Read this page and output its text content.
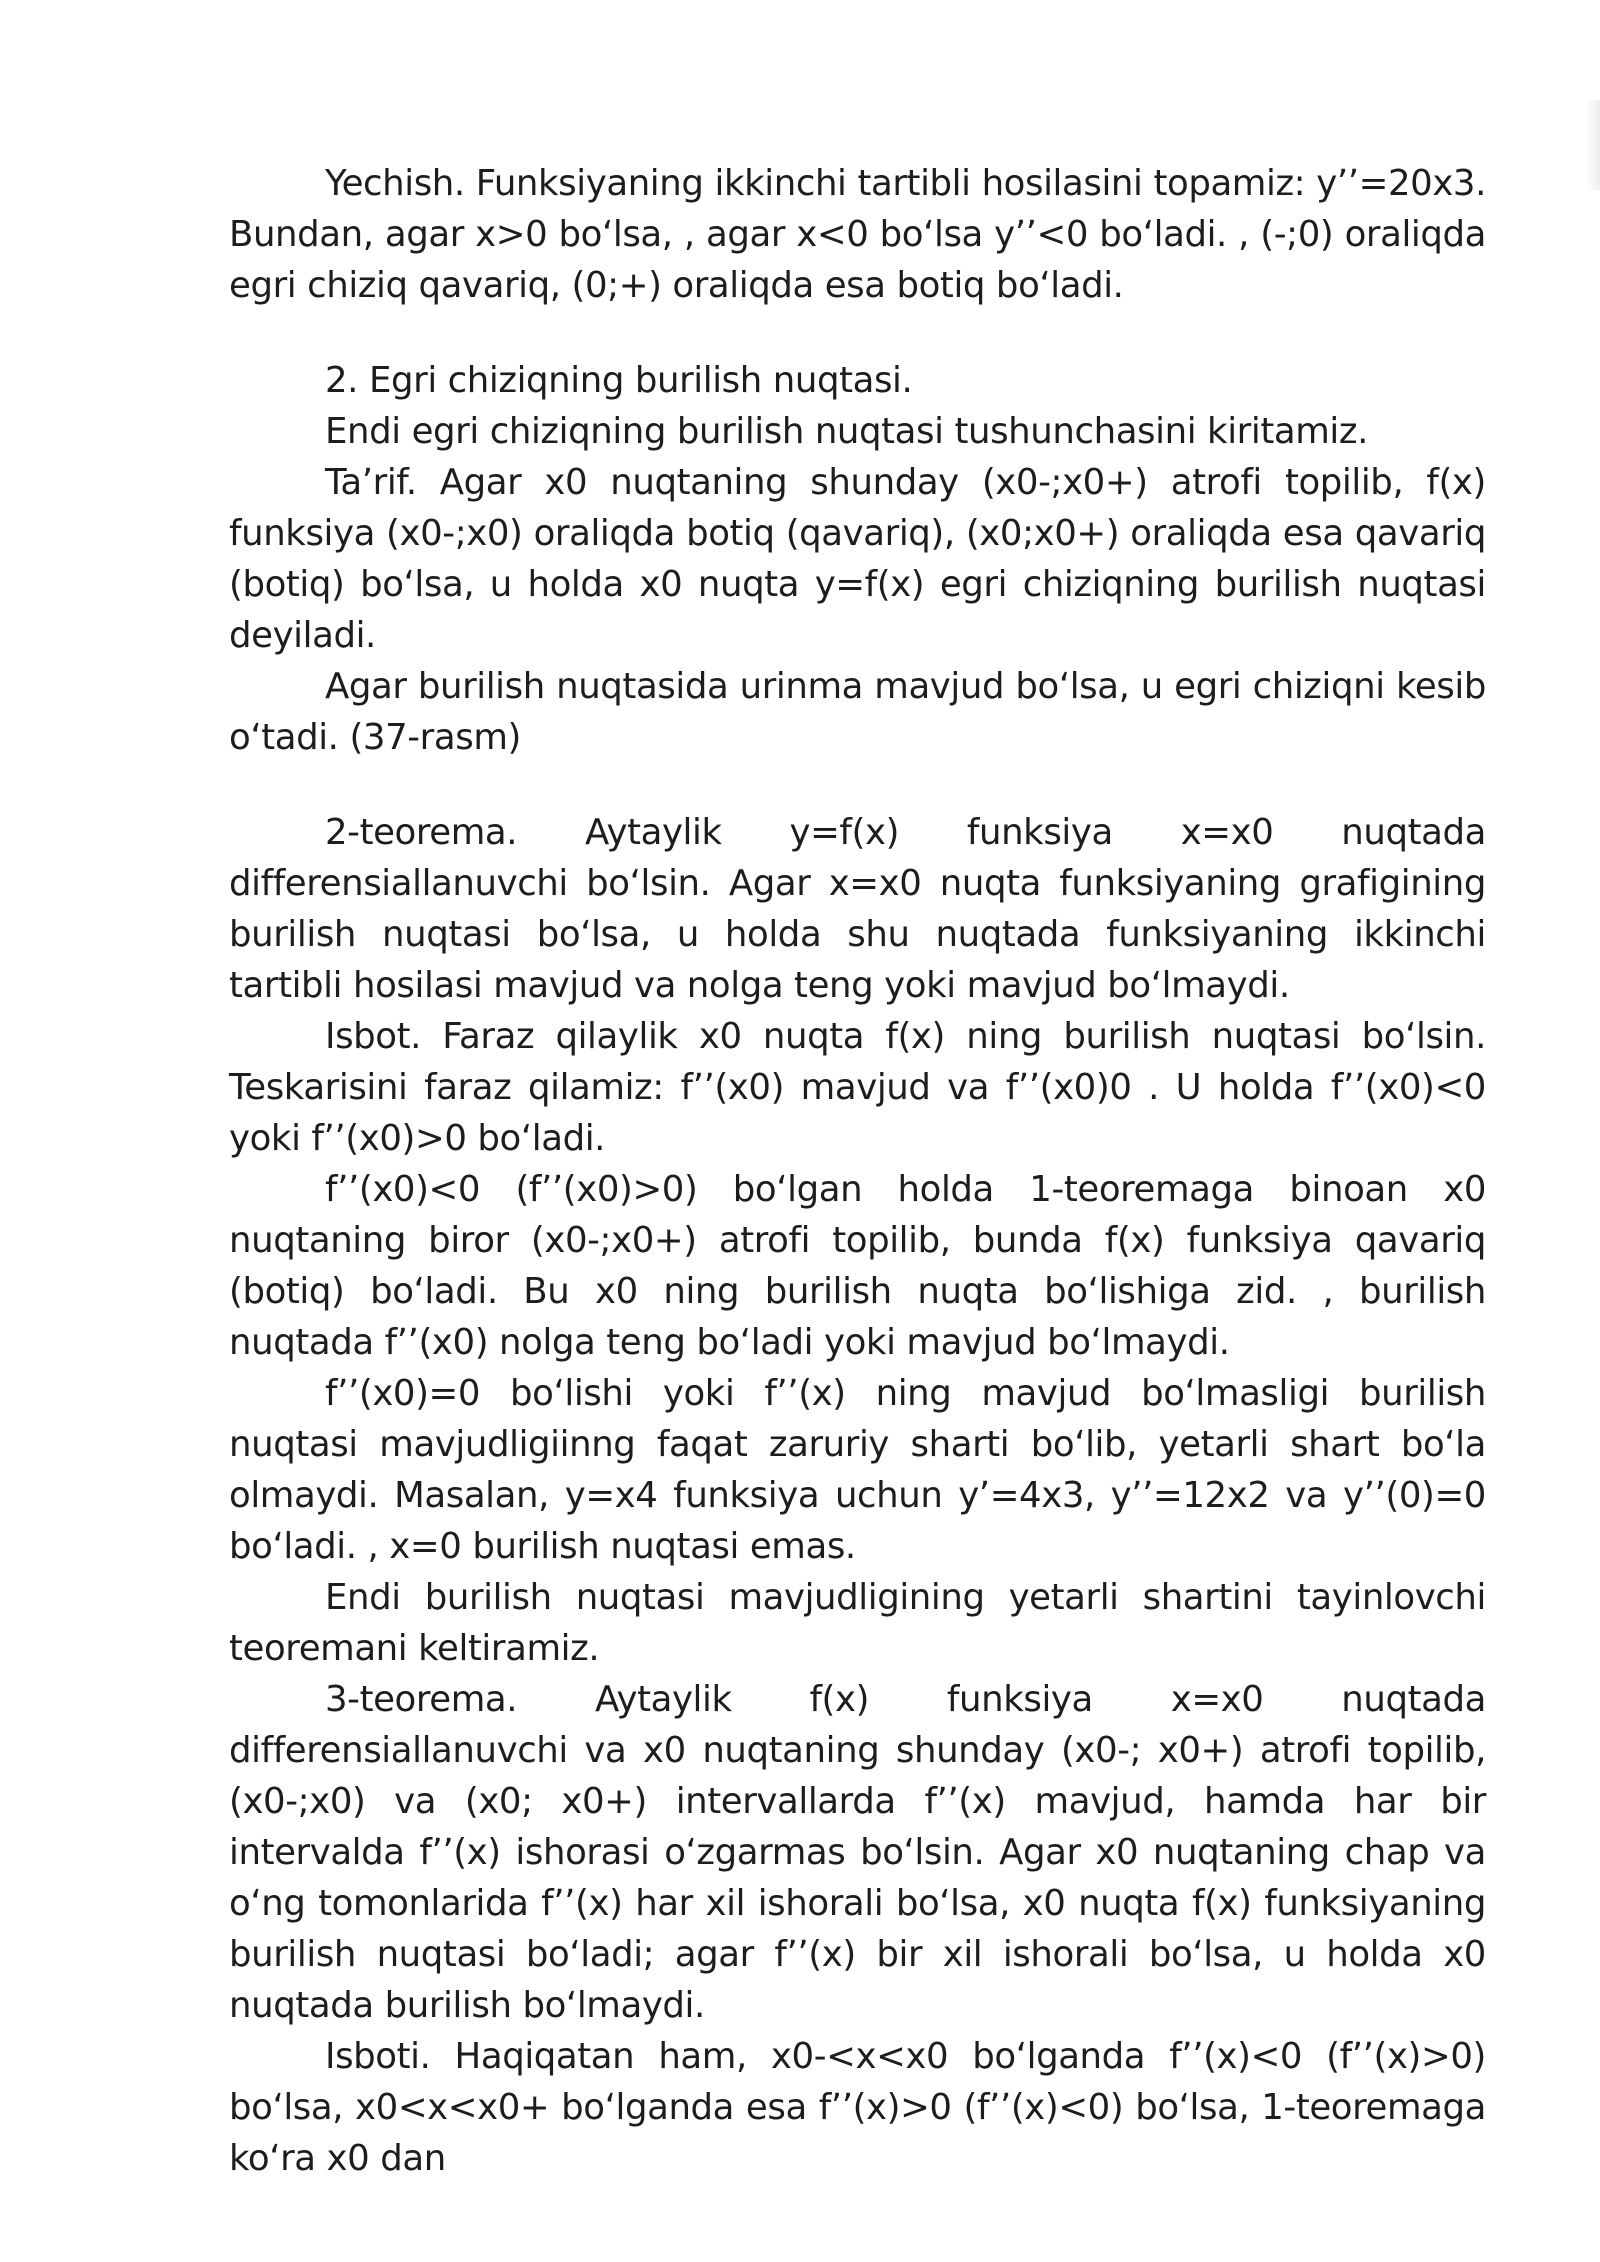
Yechish. Funksiyaning ikkinchi tartibli hosilasini topamiz: y’’=20x3. Bundan, agar x>0 bo‘lsa, , agar x<0 bo‘lsa y’’<0 bo‘ladi. , (-;0) oraliqda egri chiziq qavariq, (0;+) oraliqda esa botiq bo‘ladi.

2. Egri chiziqning burilish nuqtasi.

Endi egri chiziqning burilish nuqtasi tushunchasini kiritamiz.

Ta’rif. Agar x0 nuqtaning shunday (x0-;x0+) atrofi topilib, f(x) funksiya (x0-;x0) oraliqda botiq (qavariq), (x0;x0+) oraliqda esa qavariq (botiq) bo‘lsa, u holda x0 nuqta y=f(x) egri chiziqning burilish nuqtasi deyiladi.

Agar burilish nuqtasida urinma mavjud bo‘lsa, u egri chiziqni kesib o‘tadi. (37-rasm)

2-teorema. Aytaylik y=f(x) funksiya x=x0 nuqtada differensiallanuvchi bo‘lsin. Agar x=x0 nuqta funksiyaning grafigining burilish nuqtasi bo‘lsa, u holda shu nuqtada funksiyaning ikkinchi tartibli hosilasi mavjud va nolga teng yoki mavjud bo‘lmaydi.

Isbot. Faraz qilaylik x0 nuqta f(x) ning burilish nuqtasi bo‘lsin. Teskarisini faraz qilamiz: f’’(x0) mavjud va f’’(x0)0 . U holda f’’(x0)<0 yoki f’’(x0)>0 bo‘ladi.

f’’(x0)<0 (f’’(x0)>0) bo‘lgan holda 1-teoremaga binoan x0 nuqtaning biror (x0-;x0+) atrofi topilib, bunda f(x) funksiya qavariq (botiq) bo‘ladi. Bu x0 ning burilish nuqta bo‘lishiga zid. , burilish nuqtada f’’(x0) nolga teng bo‘ladi yoki mavjud bo‘lmaydi.

f’’(x0)=0 bo‘lishi yoki f’’(x) ning mavjud bo‘lmasligi burilish nuqtasi mavjudligiinng faqat zaruriy sharti bo‘lib, yetarli shart bo‘la olmaydi. Masalan, y=x4 funksiya uchun y’=4x3, y’’=12x2 va y’’(0)=0 bo‘ladi. , x=0 burilish nuqtasi emas.

Endi burilish nuqtasi mavjudligining yetarli shartini tayinlovchi teoremani keltiramiz.

3-teorema. Aytaylik f(x) funksiya x=x0 nuqtada differensiallanuvchi va x0 nuqtaning shunday (x0-; x0+) atrofi topilib, (x0-;x0) va (x0; x0+) intervallarda f’’(x) mavjud, hamda har bir intervalda f’’(x) ishorasi o‘zgarmas bo‘lsin. Agar x0 nuqtaning chap va o‘ng tomonlarida f’’(x) har xil ishorali bo‘lsa, x0 nuqta f(x) funksiyaning burilish nuqtasi bo‘ladi; agar f’’(x) bir xil ishorali bo‘lsa, u holda x0 nuqtada burilish bo‘lmaydi.

Isboti. Haqiqatan ham, x0-<x<x0 bo‘lganda f’’(x)<0 (f’’(x)>0) bo‘lsa, x0<x<x0+ bo‘lganda esa f’’(x)>0 (f’’(x)<0) bo‘lsa, 1-teoremaga ko‘ra x0 dan
